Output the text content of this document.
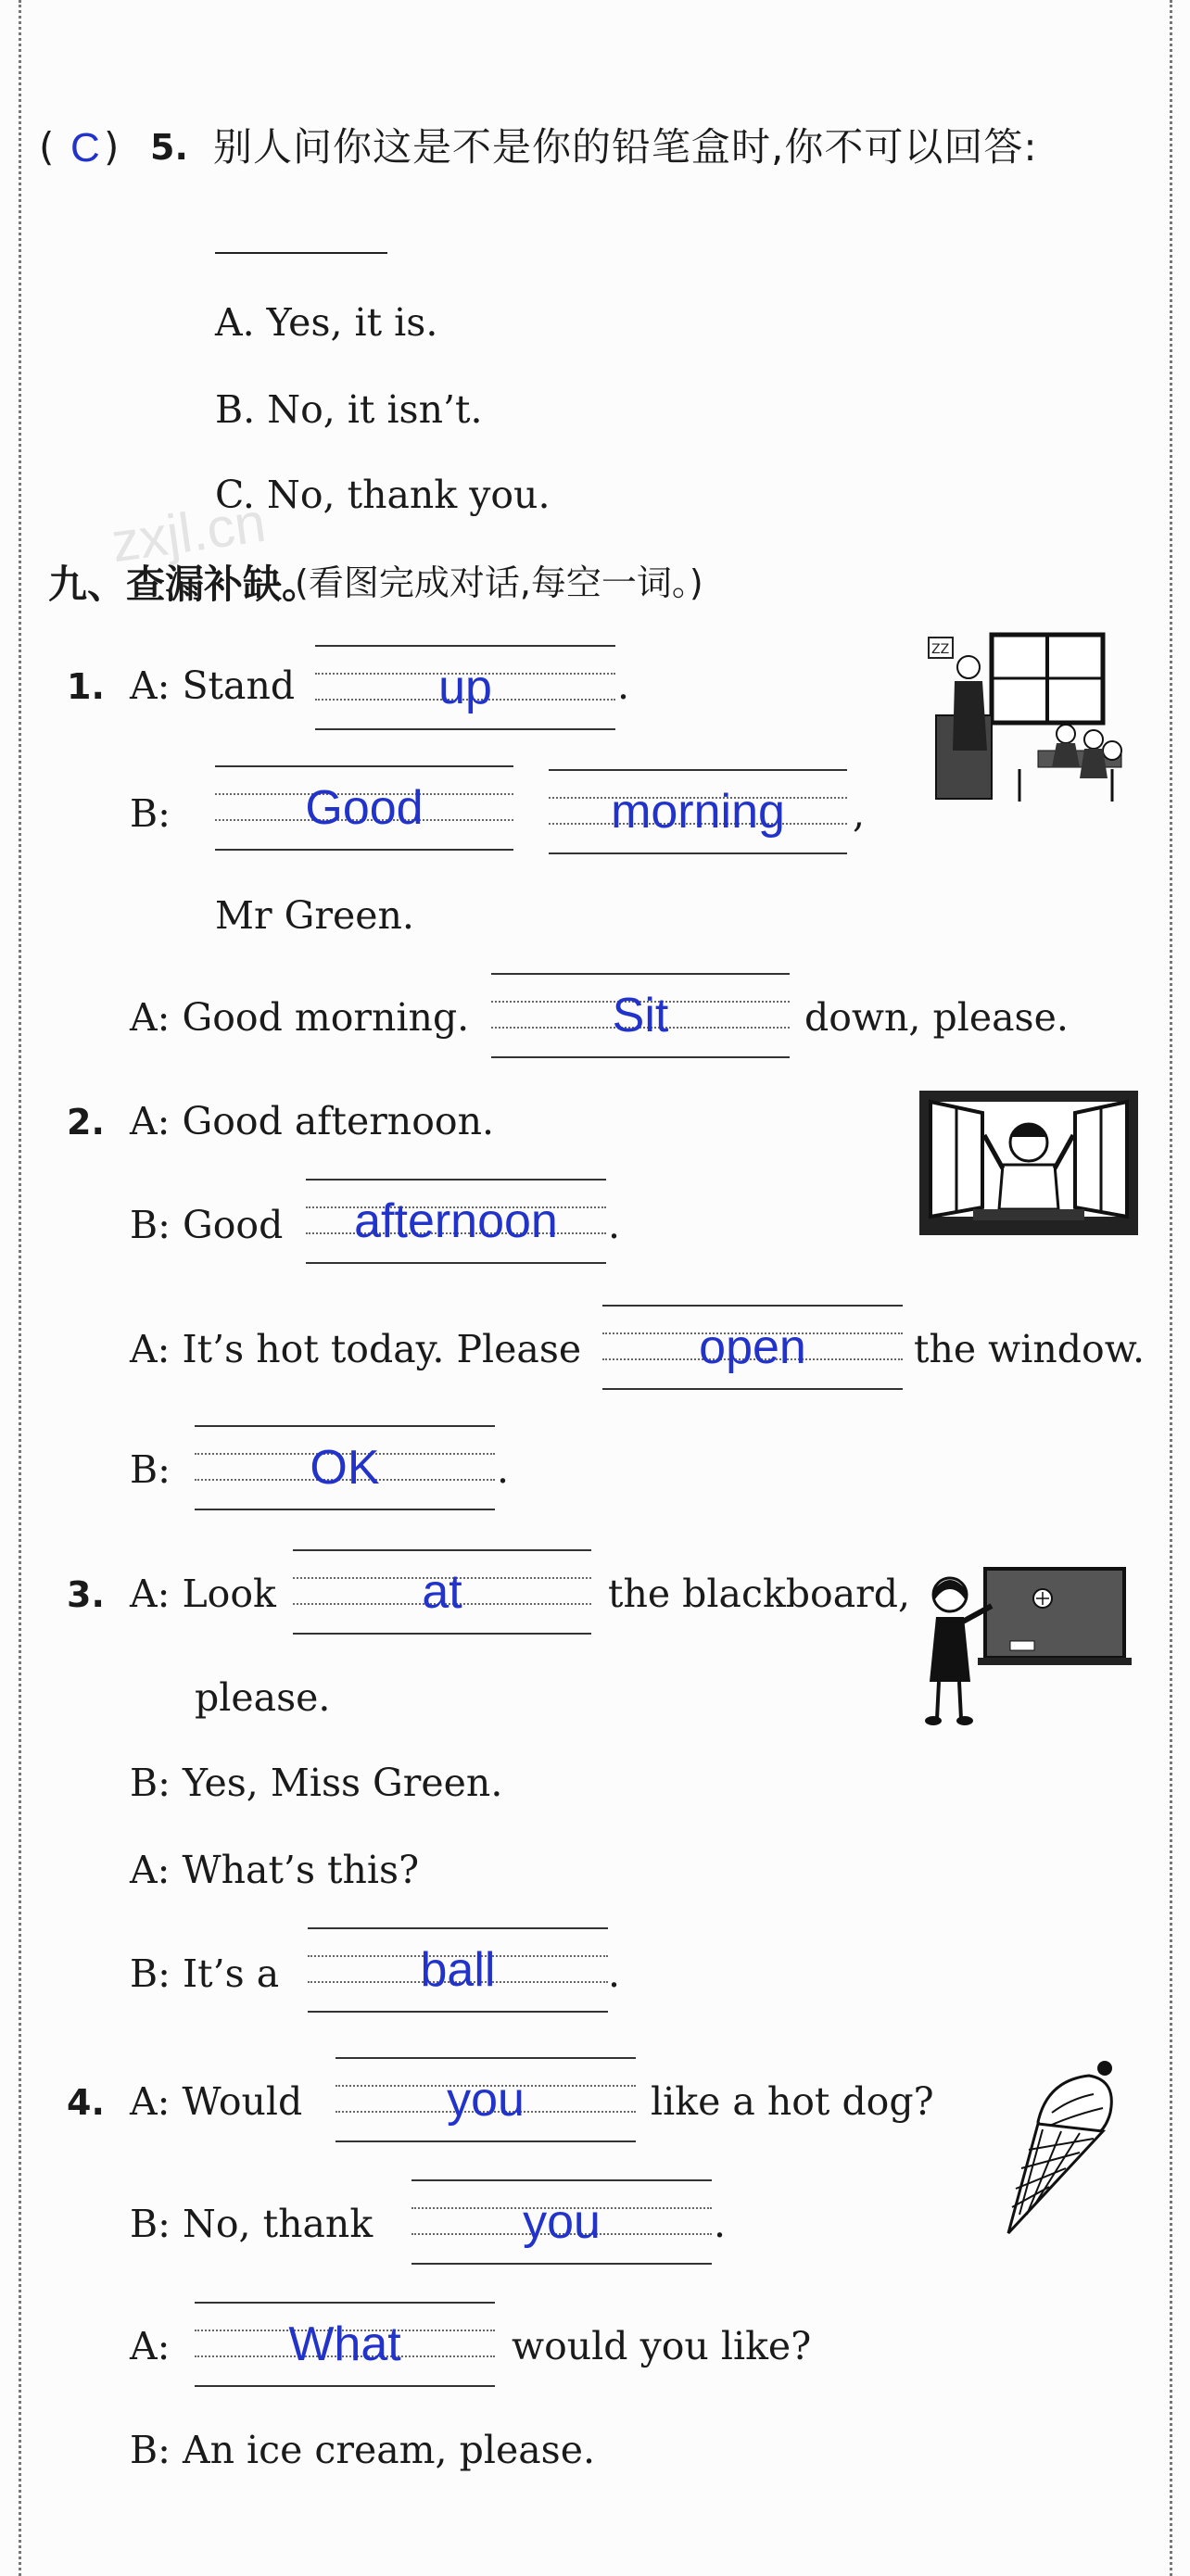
zxjl.cn
( C ) 5. 别人问你这是不是你的铅笔盒时,你不可以回答:
A. Yes, it is.
B. No, it isn’t.
C. No, thank you.
九、查漏补缺。
(看图完成对话,每空一词。)
1. A: Stand	up	.
B:	Good	morning	,
Mr Green.
A: Good morning.	Sit	down, please.
ZZ
2. A: Good afternoon.
B: Good	afternoon	.
A: It’s hot today. Please	open	the window.
B:	OK	.
3. A: Look	at	the blackboard,
please.
B: Yes, Miss Green.
A: What’s this?
B: It’s a	ball	.
4. A: Would	you	like a hot dog?
B: No, thank	you	.
A:	What	would you like?
B: An ice cream, please.
